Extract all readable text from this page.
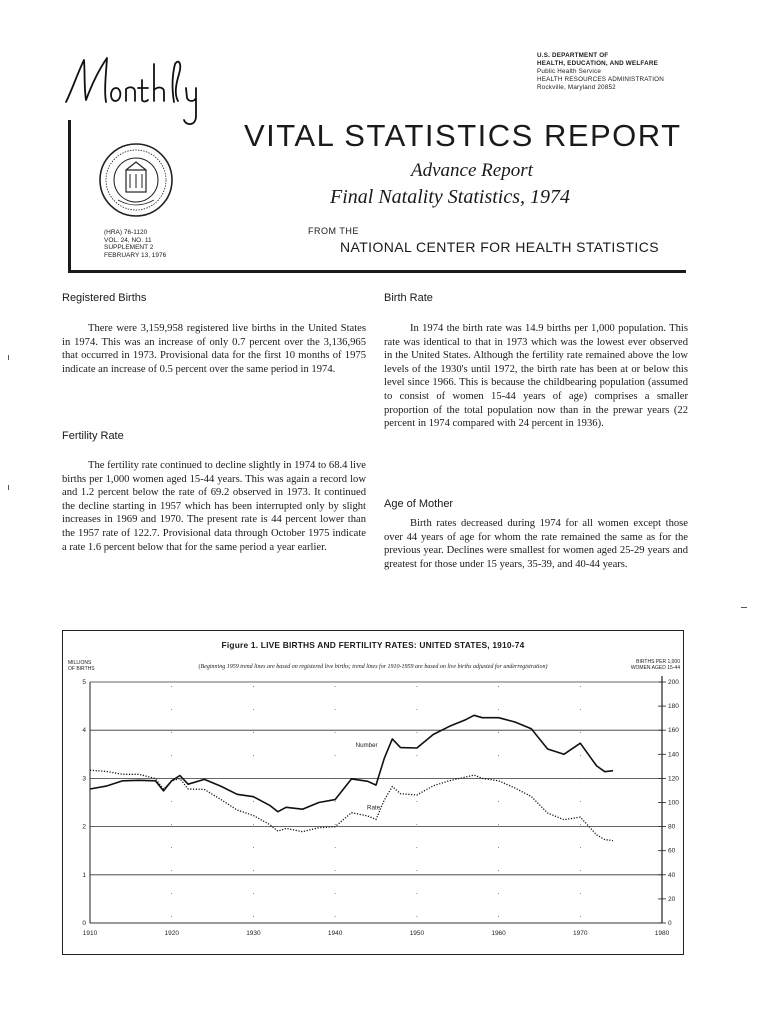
U.S. DEPARTMENT OF
HEALTH, EDUCATION, AND WELFARE
Public Health Service
HEALTH RESOURCES ADMINISTRATION
Rockville, Maryland 20852
VITAL STATISTICS REPORT
Advance Report
Final Natality Statistics, 1974
(HRA) 76-1120
VOL. 24, NO. 11
SUPPLEMENT 2
FEBRUARY 13, 1976
FROM THE
NATIONAL CENTER FOR HEALTH STATISTICS
Registered Births

There were 3,159,958 registered live births in the United States in 1974. This was an increase of only 0.7 percent over the 3,136,965 that occurred in 1973. Provisional data for the first 10 months of 1975 indicate an increase of 0.5 percent over the same period in 1974.

Fertility Rate

The fertility rate continued to decline slightly in 1974 to 68.4 live births per 1,000 women aged 15-44 years. This was again a record low and 1.2 percent below the rate of 69.2 observed in 1973. It continued the decline starting in 1957 which has been interrupted only by slight increases in 1969 and 1970. The present rate is 44 percent lower than the 1957 rate of 122.7. Provisional data through October 1975 indicate a rate 1.6 percent below that for the same period a year earlier.

Birth Rate

In 1974 the birth rate was 14.9 births per 1,000 population. This rate was identical to that in 1973 which was the lowest ever observed in the United States. Although the fertility rate remained above the low levels of the 1930's until 1972, the birth rate has been at or below this level since 1966. This is because the childbearing population (assumed to consist of women 15-44 years of age) comprises a smaller proportion of the total population now than in the prewar years (22 percent in 1974 compared with 24 percent in 1936).

Age of Mother

Birth rates decreased during 1974 for all women except those over 44 years of age for whom the rate remained the same as for the previous year. Declines were smallest for women aged 25-29 years and greatest for those under 15 years, 35-39, and 40-44 years.

Figure 1. LIVE BIRTHS AND FERTILITY RATES: UNITED STATES, 1910-74
(Beginning 1959 trend lines are based on registered live births; trend lines for 1910-1959 are based on live births adjusted for underregistration)
MILLIONS
OF BIRTHS
BIRTHS PER 1,000
WOMEN AGED 15-44
1910	1920	1930	1940	1950	1960	1970	1980
0
1
2
3
4
5
0
20
40
60
80
100
120
140
160
180
200
Number
Rate
